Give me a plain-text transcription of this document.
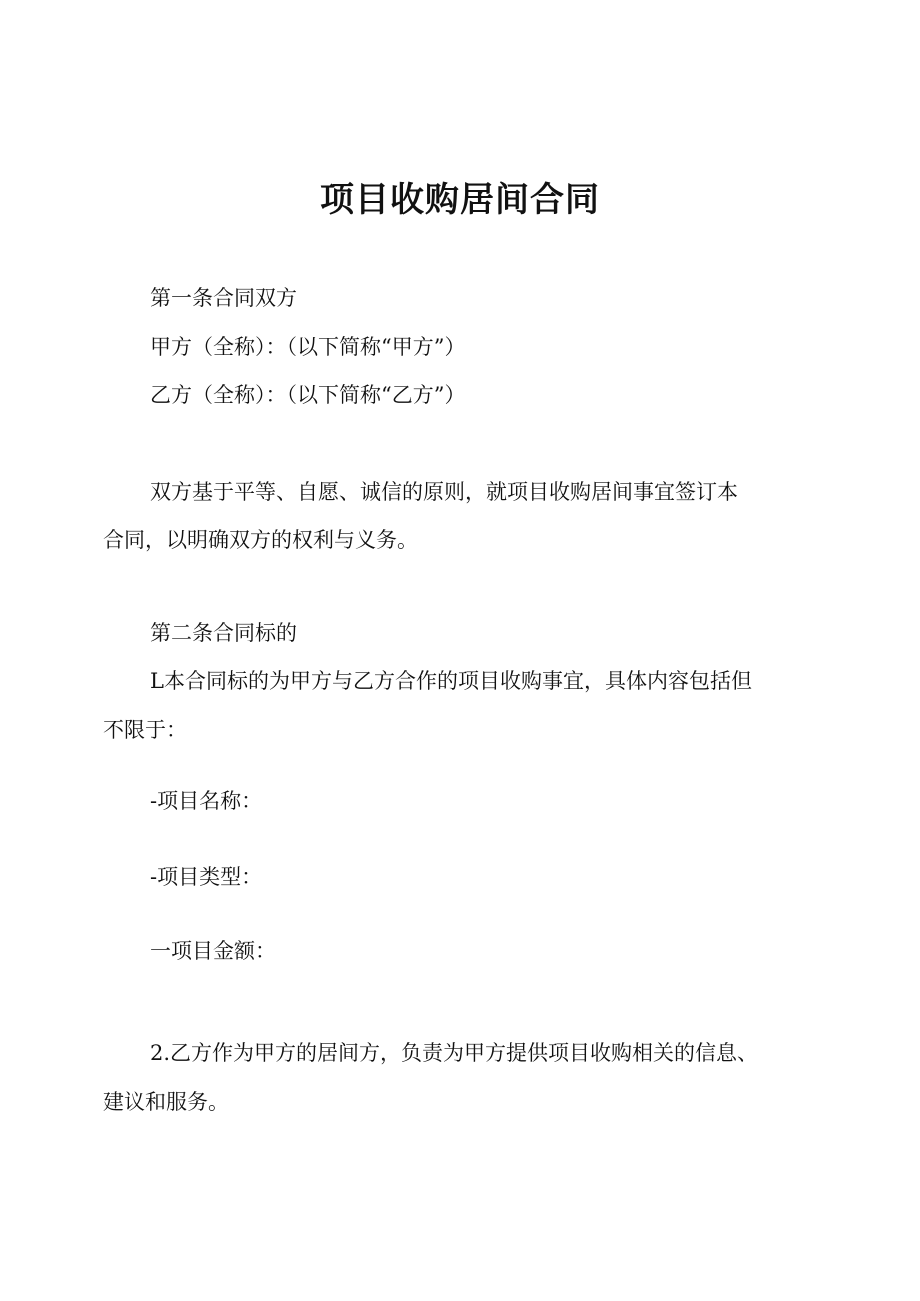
项目收购居间合同
第一条合同双方
甲方（全称）：（以下简称“甲方”）
乙方（全称）：（以下简称“乙方”）
双方基于平等、自愿、诚信的原则，就项目收购居间事宜签订本
合同，以明确双方的权利与义务。
第二条合同标的
L本合同标的为甲方与乙方合作的项目收购事宜，具体内容包括但
不限于：
-项目名称：
-项目类型：
一项目金额：
2.乙方作为甲方的居间方，负责为甲方提供项目收购相关的信息、
建议和服务。
